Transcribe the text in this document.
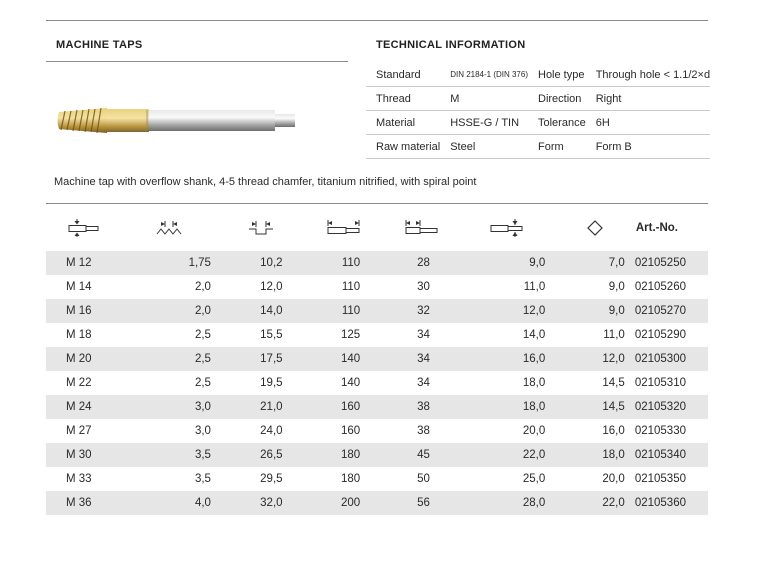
MACHINE TAPS	TECHNICAL INFORMATION
Standard	DIN 2184-1 (DIN 376)	Hole type	Through hole < 1.1/2×d
Thread	M	Direction	Right
Material	HSSE-G / TIN	Tolerance	6H
Raw material	Steel	Form	Form B
Machine tap with overflow shank, 4-5 thread chamfer, titanium nitrified, with spiral point

Art.-No.

M 12	1,75	10,2	110	28	9,0	7,0	02105250
M 14	2,0	12,0	110	30	11,0	9,0	02105260
M 16	2,0	14,0	110	32	12,0	9,0	02105270
M 18	2,5	15,5	125	34	14,0	11,0	02105290
M 20	2,5	17,5	140	34	16,0	12,0	02105300
M 22	2,5	19,5	140	34	18,0	14,5	02105310
M 24	3,0	21,0	160	38	18,0	14,5	02105320
M 27	3,0	24,0	160	38	20,0	16,0	02105330
M 30	3,5	26,5	180	45	22,0	18,0	02105340
M 33	3,5	29,5	180	50	25,0	20,0	02105350
M 36	4,0	32,0	200	56	28,0	22,0	02105360
